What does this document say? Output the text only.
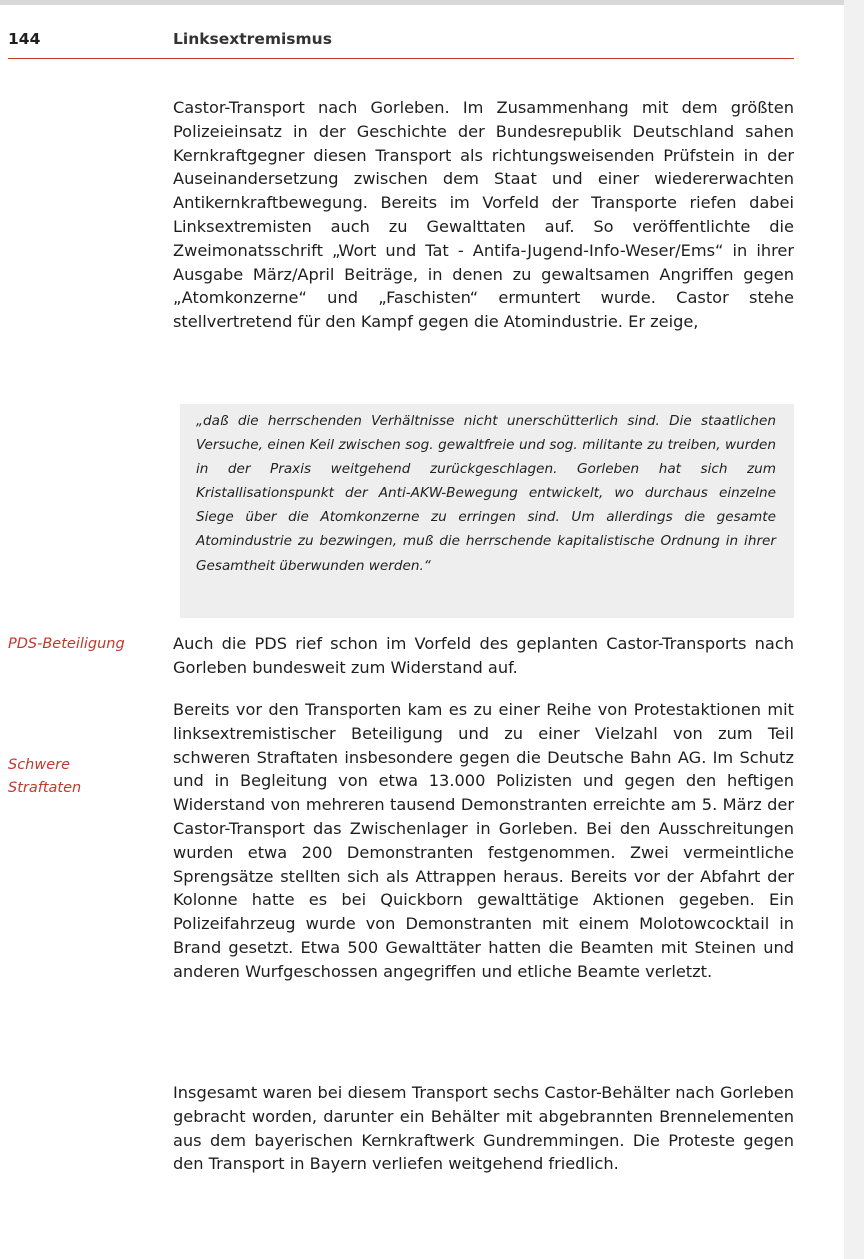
144	Linksextremismus

Castor-Transport nach Gorleben. Im Zusammenhang mit dem größten Polizeieinsatz in der Geschichte der Bundesrepublik Deutschland sahen Kernkraftgegner diesen Transport als richtungsweisenden Prüfstein in der Auseinandersetzung zwischen dem Staat und einer wiedererwachten Antikernkraftbewegung. Bereits im Vorfeld der Transporte riefen dabei Linksextremisten auch zu Gewalttaten auf. So veröffentlichte die Zweimonatsschrift „Wort und Tat - Antifa-Jugend-Info-Weser/Ems“ in ihrer Ausgabe März/April Beiträge, in denen zu gewaltsamen Angriffen gegen „Atomkonzerne“ und „Faschisten“ ermuntert wurde. Castor stehe stellvertretend für den Kampf gegen die Atomindustrie. Er zeige,

„daß die herrschenden Verhältnisse nicht unerschütterlich sind. Die staatlichen Versuche, einen Keil zwischen sog. gewaltfreie und sog. militante zu treiben, wurden in der Praxis weitgehend zurückgeschlagen. Gorleben hat sich zum Kristallisationspunkt der Anti-AKW-Bewegung entwickelt, wo durchaus einzelne Siege über die Atomkonzerne zu erringen sind. Um allerdings die gesamte Atomindustrie zu bezwingen, muß die herrschende kapitalistische Ordnung in ihrer Gesamtheit überwunden werden.“

PDS-Beteiligung	Auch die PDS rief schon im Vorfeld des geplanten Castor-Transports nach Gorleben bundesweit zum Widerstand auf.

Schwere

Straftaten

Bereits vor den Transporten kam es zu einer Reihe von Protestaktionen mit linksextremistischer Beteiligung und zu einer Vielzahl von zum Teil schweren Straftaten insbesondere gegen die Deutsche Bahn AG. Im Schutz und in Begleitung von etwa 13.000 Polizisten und gegen den heftigen Widerstand von mehreren tausend Demonstranten erreichte am 5. März der Castor-Transport das Zwischenlager in Gorleben. Bei den Ausschreitungen wurden etwa 200 Demonstranten festgenommen. Zwei vermeintliche Sprengsätze stellten sich als Attrappen heraus. Bereits vor der Abfahrt der Kolonne hatte es bei Quickborn gewalttätige Aktionen gegeben. Ein Polizeifahrzeug wurde von Demonstranten mit einem Molotowcocktail in Brand gesetzt. Etwa 500 Gewalttäter hatten die Beamten mit Steinen und anderen Wurfgeschossen angegriffen und etliche Beamte verletzt.

Insgesamt waren bei diesem Transport sechs Castor-Behälter nach Gorleben gebracht worden, darunter ein Behälter mit abgebrannten Brennelementen aus dem bayerischen Kernkraftwerk Gundremmingen. Die Proteste gegen den Transport in Bayern verliefen weitgehend friedlich.
